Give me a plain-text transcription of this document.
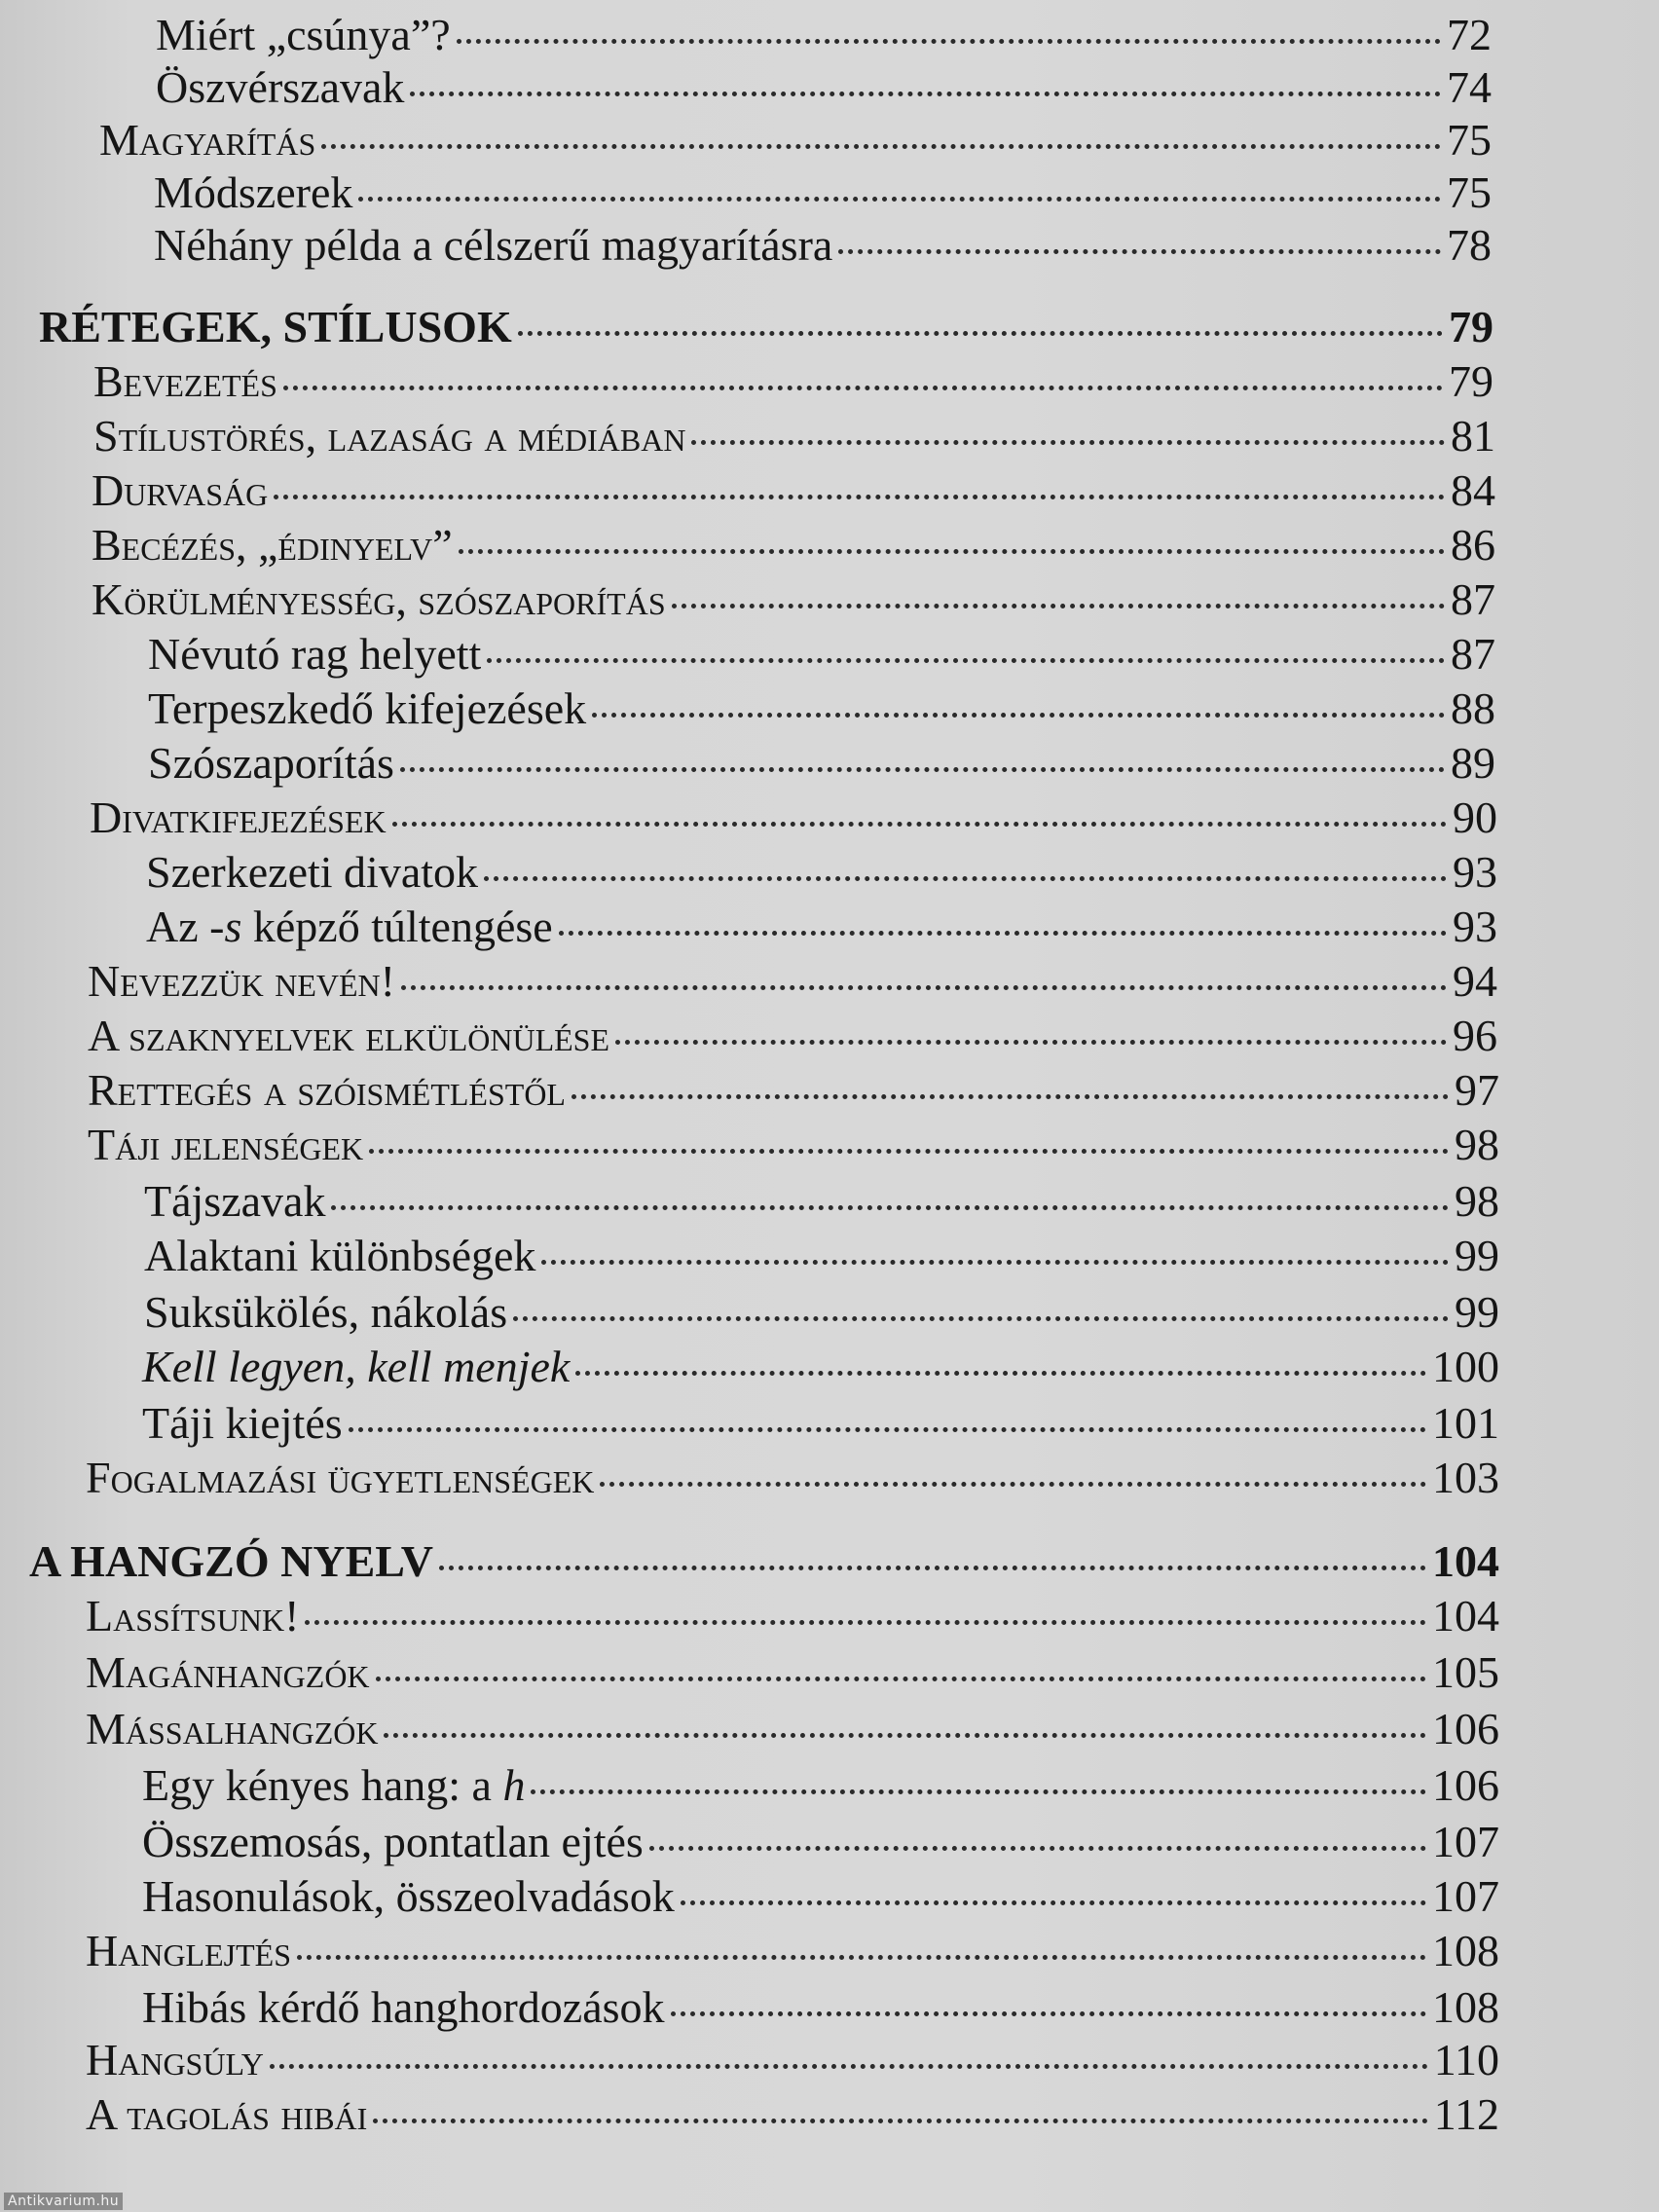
Miért „csúnya”?	72
Öszvérszavak	74
Magyarítás	75
Módszerek	75
Néhány példa a célszerű magyarításra	78
RÉTEGEK, STÍLUSOK	79
Bevezetés	79
Stílustörés, lazaság a médiában	81
Durvaság	84
Becézés, „édinyelv”	86
Körülményesség, szószaporítás	87
Névutó rag helyett	87
Terpeszkedő kifejezések	88
Szószaporítás	89
Divatkifejezések	90
Szerkezeti divatok	93
Az -s képző túltengése	93
Nevezzük nevén!	94
A szaknyelvek elkülönülése	96
Rettegés a szóismétléstől	97
Táji jelenségek	98
Tájszavak	98
Alaktani különbségek	99
Suksükölés, nákolás	99
Kell legyen, kell menjek	100
Táji kiejtés	101
Fogalmazási ügyetlenségek	103
A HANGZÓ NYELV	104
Lassítsunk!	104
Magánhangzók	105
Mássalhangzók	106
Egy kényes hang: a h	106
Összemosás, pontatlan ejtés	107
Hasonulások, összeolvadások	107
Hanglejtés	108
Hibás kérdő hanghordozások	108
Hangsúly	110
A tagolás hibái	112
Antikvarium.hu
